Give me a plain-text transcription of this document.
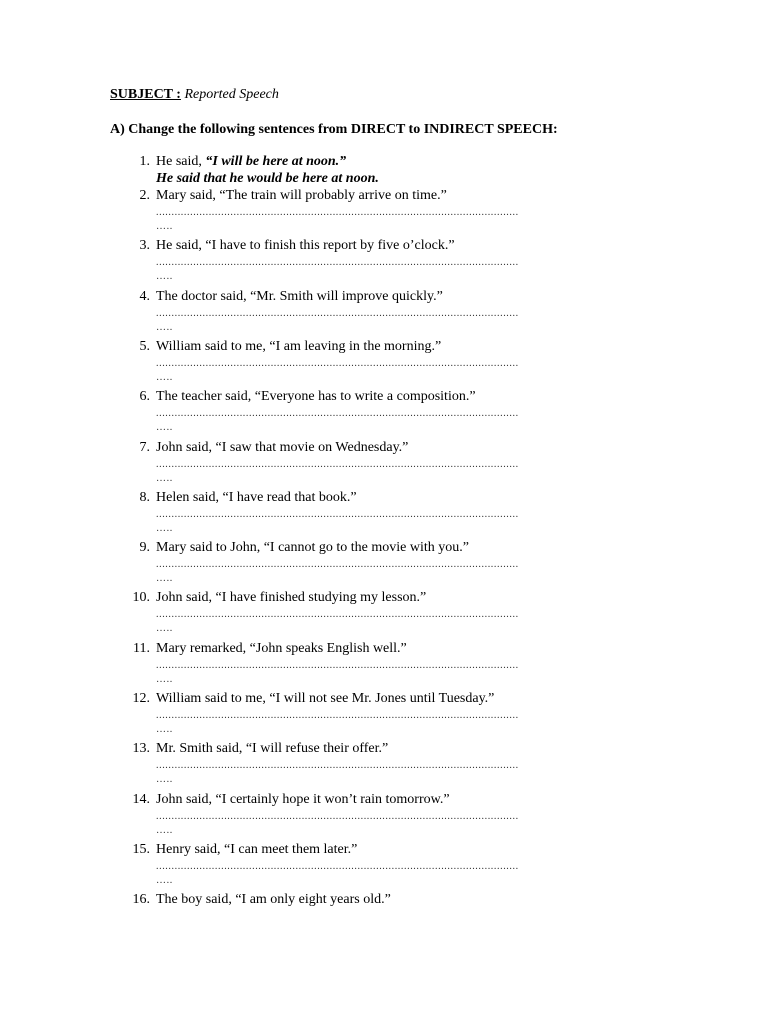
SUBJECT : Reported Speech
A) Change the following sentences from DIRECT to INDIRECT SPEECH:
1. He said, “I will be here at noon.”
He said that he would be here at noon.
2. Mary said, “The train will probably arrive on time.”
.....................................................................................................................
…..
3. He said, “I have to finish this report by five o’clock.”
.....................................................................................................................
…..
4. The doctor said, “Mr. Smith will improve quickly.”
.....................................................................................................................
…..
5. William said to me, “I am leaving in the morning.”
.....................................................................................................................
…..
6. The teacher said, “Everyone has to write a composition.”
.....................................................................................................................
…..
7. John said, “I saw that movie on Wednesday.”
.....................................................................................................................
…..
8. Helen said, “I have read that book.”
.....................................................................................................................
…..
9. Mary said to John, “I cannot go to the movie with you.”
.....................................................................................................................
…..
10. John said, “I have finished studying my lesson.”
.....................................................................................................................
…..
11. Mary remarked, “John speaks English well.”
.....................................................................................................................
…..
12. William said to me, “I will not see Mr. Jones until Tuesday.”
.....................................................................................................................
…..
13. Mr. Smith said, “I will refuse their offer.”
.....................................................................................................................
…..
14. John said, “I certainly hope it won’t rain tomorrow.”
.....................................................................................................................
…..
15. Henry said, “I can meet them later.”
.....................................................................................................................
…..
16. The boy said, “I am only eight years old.”
